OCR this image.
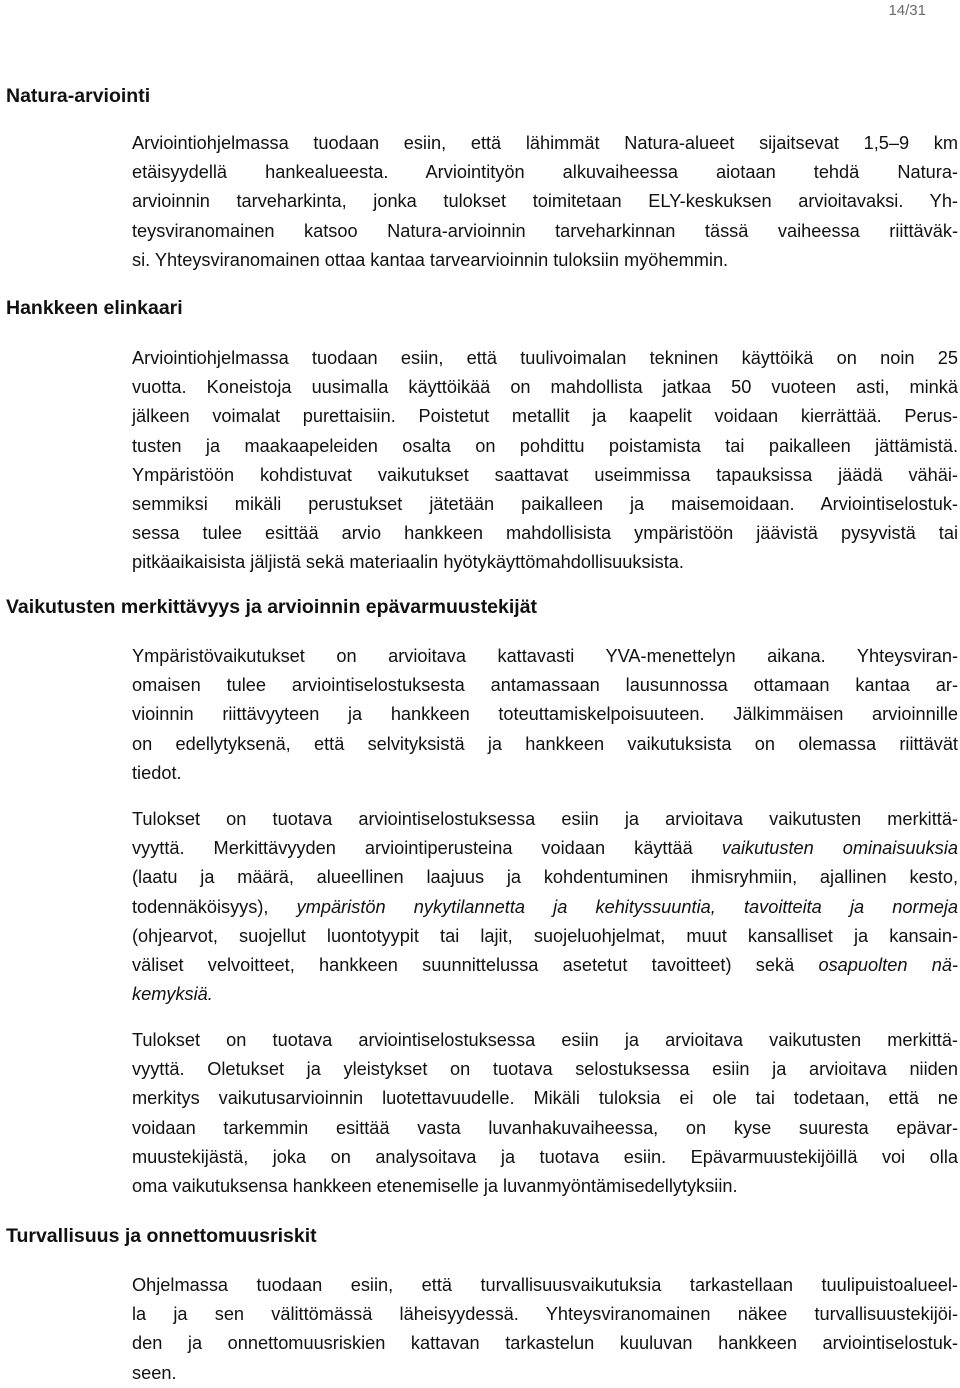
14/31
Natura-arviointi
Hankkeen elinkaari
Vaikutusten merkittävyys ja arvioinnin epävarmuustekijät
Turvallisuus ja onnettomuusriskit
Arviointiohjelmassa tuodaan esiin, että lähimmät Natura-alueet sijaitsevat 1,5–9 km
etäisyydellä hankealueesta. Arviointityön alkuvaiheessa aiotaan tehdä Natura-
arvioinnin tarveharkinta, jonka tulokset toimitetaan ELY-keskuksen arvioitavaksi. Yh-
teysviranomainen katsoo Natura-arvioinnin tarveharkinnan tässä vaiheessa riittäväk-
si. Yhteysviranomainen ottaa kantaa tarvearvioinnin tuloksiin myöhemmin.
Arviointiohjelmassa tuodaan esiin, että tuulivoimalan tekninen käyttöikä on noin 25
vuotta. Koneistoja uusimalla käyttöikää on mahdollista jatkaa 50 vuoteen asti, minkä
jälkeen voimalat purettaisiin. Poistetut metallit ja kaapelit voidaan kierrättää. Perus-
tusten ja maakaapeleiden osalta on pohdittu poistamista tai paikalleen jättämistä.
Ympäristöön kohdistuvat vaikutukset saattavat useimmissa tapauksissa jäädä vähäi-
semmiksi mikäli perustukset jätetään paikalleen ja maisemoidaan. Arviointiselostuk-
sessa tulee esittää arvio hankkeen mahdollisista ympäristöön jäävistä pysyvistä tai
pitkäaikaisista jäljistä sekä materiaalin hyötykäyttömahdollisuuksista.
Ympäristövaikutukset on arvioitava kattavasti YVA-menettelyn aikana. Yhteysviran-
omaisen tulee arviointiselostuksesta antamassaan lausunnossa ottamaan kantaa ar-
vioinnin riittävyyteen ja hankkeen toteuttamiskelpoisuuteen. Jälkimmäisen arvioinnille
on edellytyksenä, että selvityksistä ja hankkeen vaikutuksista on olemassa riittävät
tiedot.
Tulokset on tuotava arviointiselostuksessa esiin ja arvioitava vaikutusten merkittä-
vyyttä. Merkittävyyden arviointiperusteina voidaan käyttää vaikutusten ominaisuuksia
(laatu ja määrä, alueellinen laajuus ja kohdentuminen ihmisryhmiin, ajallinen kesto,
todennäköisyys), ympäristön nykytilannetta ja kehityssuuntia, tavoitteita ja normeja
(ohjearvot, suojellut luontotyypit tai lajit, suojeluohjelmat, muut kansalliset ja kansain-
väliset velvoitteet, hankkeen suunnittelussa asetetut tavoitteet) sekä osapuolten nä-
kemyksiä.
Tulokset on tuotava arviointiselostuksessa esiin ja arvioitava vaikutusten merkittä-
vyyttä. Oletukset ja yleistykset on tuotava selostuksessa esiin ja arvioitava niiden
merkitys vaikutusarvioinnin luotettavuudelle. Mikäli tuloksia ei ole tai todetaan, että ne
voidaan tarkemmin esittää vasta luvanhakuvaiheessa, on kyse suuresta epävar-
muustekijästä, joka on analysoitava ja tuotava esiin. Epävarmuustekijöillä voi olla
oma vaikutuksensa hankkeen etenemiselle ja luvanmyöntämisedellytyksiin.
Ohjelmassa tuodaan esiin, että turvallisuusvaikutuksia tarkastellaan tuulipuistoalueel-
la ja sen välittömässä läheisyydessä. Yhteysviranomainen näkee turvallisuustekijöi-
den ja onnettomuusriskien kattavan tarkastelun kuuluvan hankkeen arviointiselostuk-
seen.
